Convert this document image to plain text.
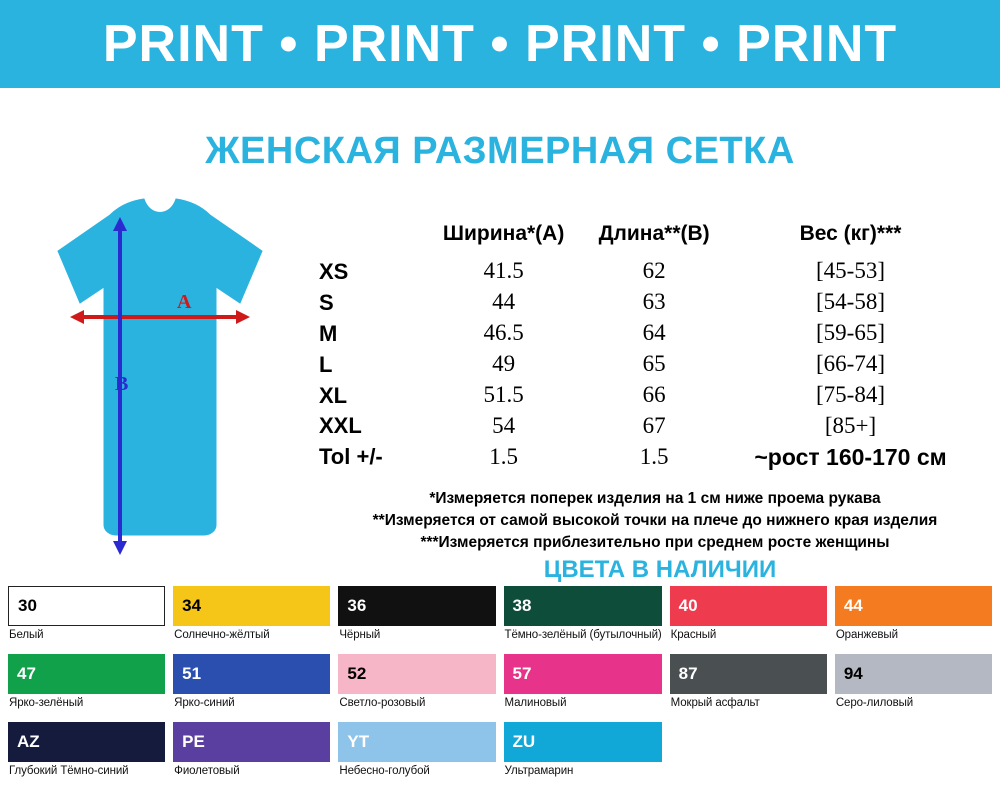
PRINT • PRINT • PRINT • PRINT
ЖЕНСКАЯ РАЗМЕРНАЯ СЕТКА
A
B
	Ширина*(A)	Длина**(B)	Вес (кг)***
XS	41.5	62	[45-53]
S	44	63	[54-58]
M	46.5	64	[59-65]
L	49	65	[66-74]
XL	51.5	66	[75-84]
XXL	54	67	[85+]
Tol +/-	1.5	1.5	~рост 160-170 см
*Измеряется поперек изделия на 1 см ниже проема рукава
**Измеряется от самой высокой точки на плече до нижнего края изделия
***Измеряется приблезительно при среднем росте женщины
ЦВЕТА В НАЛИЧИИ
30
Белый
34
Солнечно-жёлтый
36
Чёрный
38
Тёмно-зелёный (бутылочный)
40
Красный
44
Оранжевый
47
Ярко-зелёный
51
Ярко-синий
52
Светло-розовый
57
Малиновый
87
Мокрый асфальт
94
Серо-лиловый
AZ
Глубокий Тёмно-синий
PE
Фиолетовый
YT
Небесно-голубой
ZU
Ультрамарин
